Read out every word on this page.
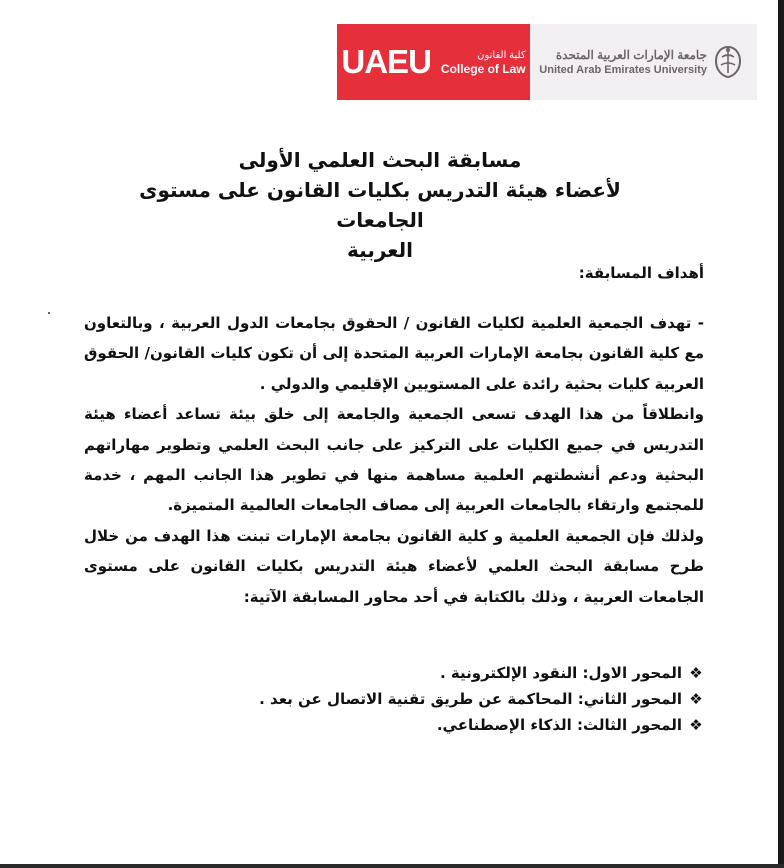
UAEU	كلية القانون
College of Law
جامعة الإمارات العربية المتحدة
United Arab Emirates University

مسابقة البحث العلمي الأولى

لأعضاء هيئة التدريس بكليات القانون على مستوى الجامعات

العربية

أهداف المسابقة:

- تهدف الجمعية العلمية لكليات القانون / الحقوق بجامعات الدول العربية ، وبالتعاون مع كلية القانون بجامعة الإمارات العربية المتحدة إلى أن تكون كليات القانون/ الحقوق العربية كليات بحثية رائدة على المستويين الإقليمي والدولي .

وانطلاقاً من هذا الهدف تسعى الجمعية والجامعة إلى خلق بيئة تساعد أعضاء هيئة التدريس في جميع الكليات على التركيز على جانب البحث العلمي وتطوير مهاراتهم البحثية ودعم أنشطتهم العلمية مساهمة منها في تطوير هذا الجانب المهم ، خدمة للمجتمع وارتقاء بالجامعات العربية إلى مصاف الجامعات العالمية المتميزة.

ولذلك فإن الجمعية العلمية و كلية القانون بجامعة الإمارات تبنت هذا الهدف من خلال طرح مسابقة البحث العلمي لأعضاء هيئة التدريس بكليات القانون على مستوى الجامعات العربية ، وذلك بالكتابة في أحد محاور المسابقة الآتية:

❖
المحور الاول: النقود الإلكترونية .
❖
المحور الثاني: المحاكمة عن طريق تقنية الاتصال عن بعد .
❖
المحور الثالث: الذكاء الإصطناعي.
